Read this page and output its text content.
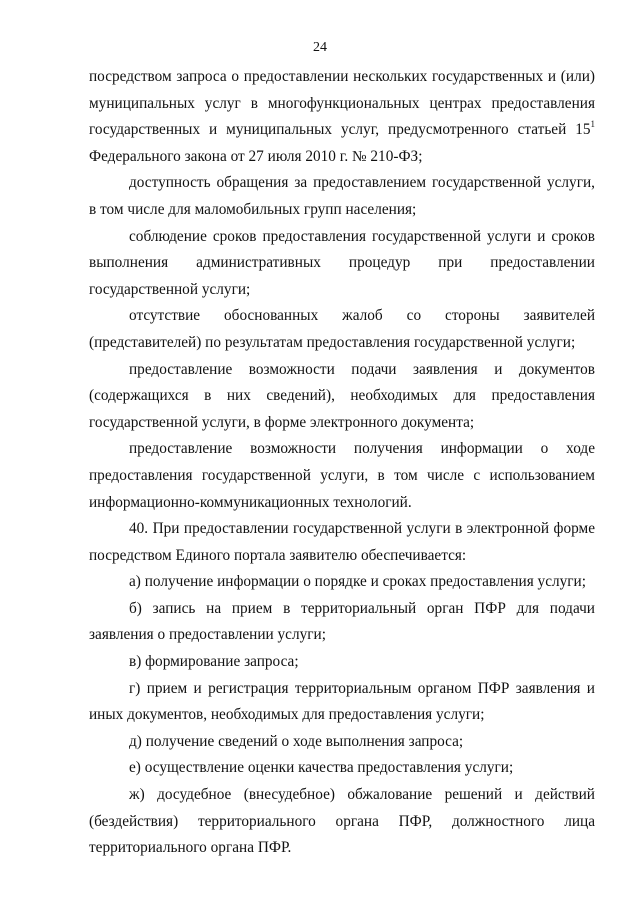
24

посредством запроса о предоставлении нескольких государственных и (или) муниципальных услуг в многофункциональных центрах предоставления государственных и муниципальных услуг, предусмотренного статьей $15^1$ Федерального закона от 27 июля 2010 г. № 210-ФЗ;

доступность обращения за предоставлением государственной услуги, в том числе для маломобильных групп населения;

соблюдение сроков предоставления государственной услуги и сроков выполнения административных процедур при предоставлении государственной услуги;

отсутствие обоснованных жалоб со стороны заявителей (представителей) по результатам предоставления государственной услуги;

предоставление возможности подачи заявления и документов (содержащихся в них сведений), необходимых для предоставления государственной услуги, в форме электронного документа;

предоставление возможности получения информации о ходе предоставления государственной услуги, в том числе с использованием информационно-коммуникационных технологий.

40. При предоставлении государственной услуги в электронной форме посредством Единого портала заявителю обеспечивается:

а) получение информации о порядке и сроках предоставления услуги;

б) запись на прием в территориальный орган ПФР для подачи заявления о предоставлении услуги;

в) формирование запроса;

г) прием и регистрация территориальным органом ПФР заявления и иных документов, необходимых для предоставления услуги;

д) получение сведений о ходе выполнения запроса;

е) осуществление оценки качества предоставления услуги;

ж) досудебное (внесудебное) обжалование решений и действий (бездействия) территориального органа ПФР, должностного лица территориального органа ПФР.
